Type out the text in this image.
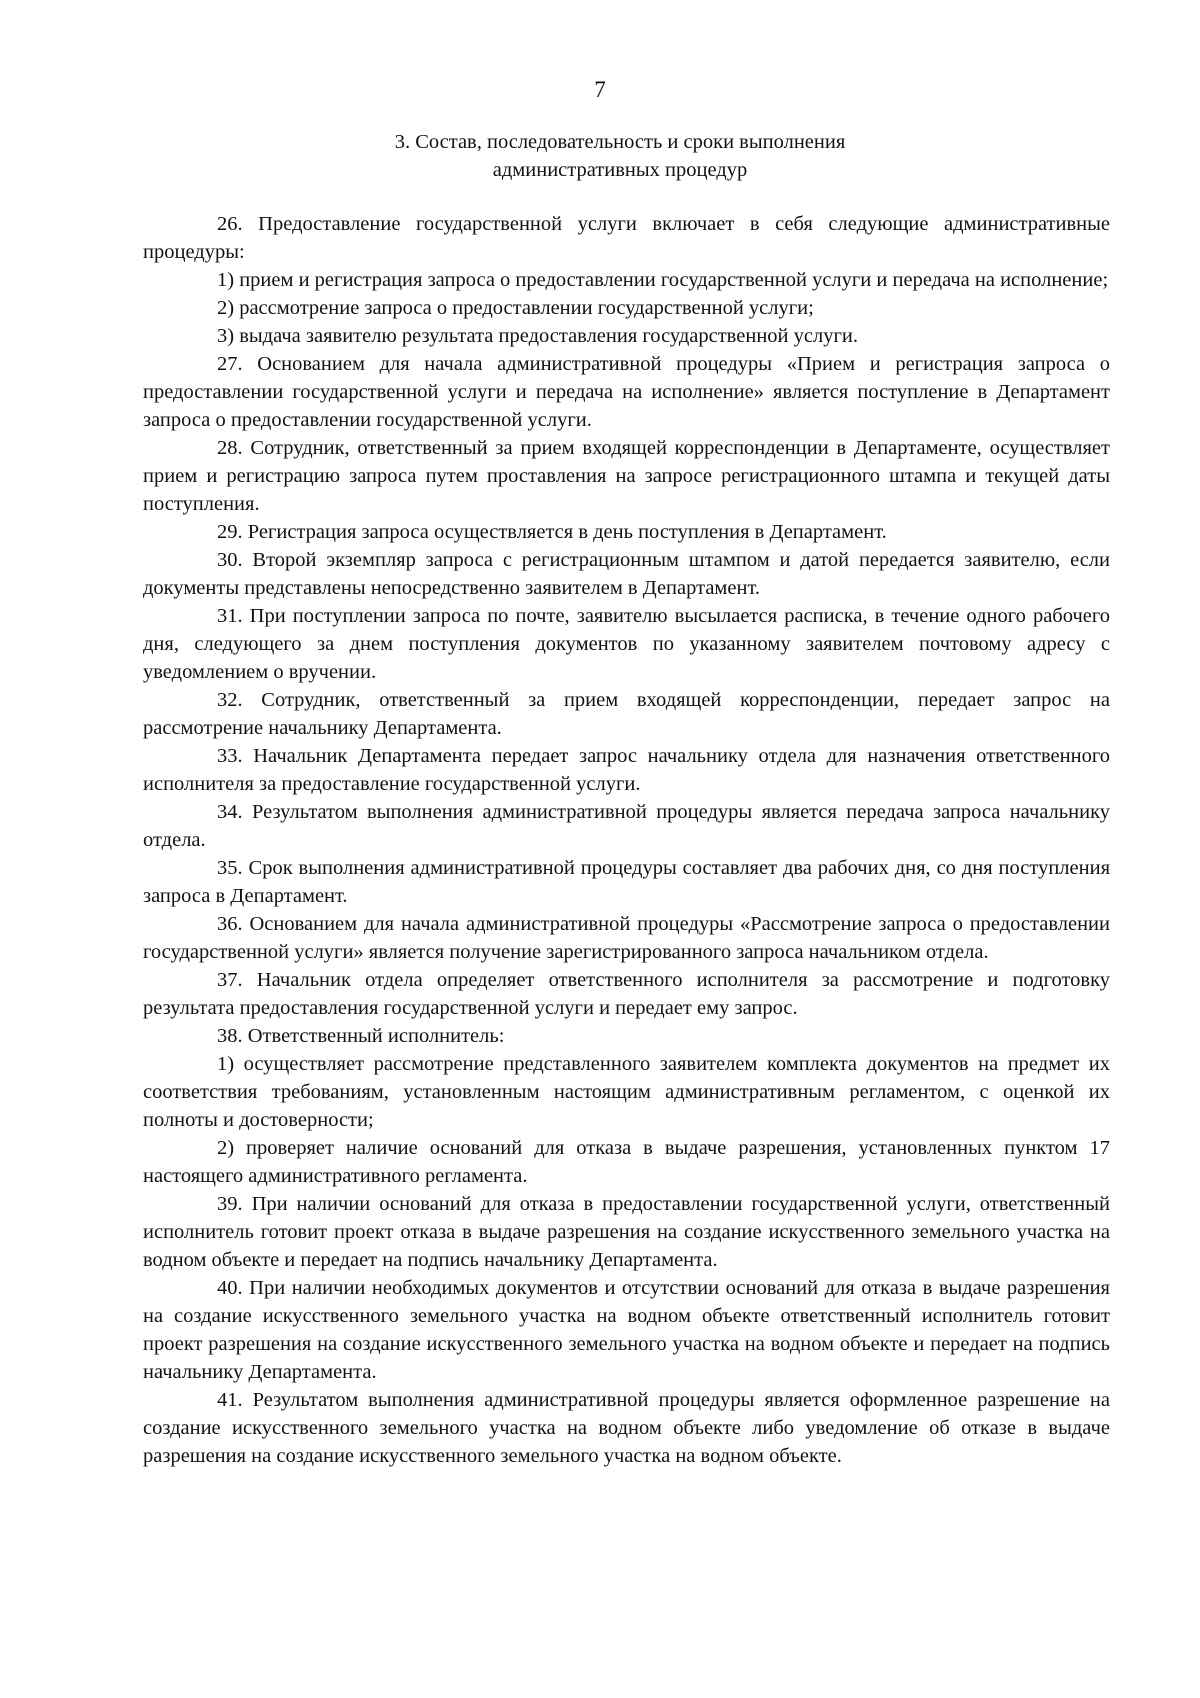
7
3. Состав, последовательность и сроки выполнения
административных процедур

26. Предоставление государственной услуги включает в себя следующие административные процедуры:

1) прием и регистрация запроса о предоставлении государственной услуги и передача на исполнение;

2) рассмотрение запроса о предоставлении государственной услуги;

3) выдача заявителю результата предоставления государственной услуги.

27. Основанием для начала административной процедуры «Прием и регистрация запроса о предоставлении государственной услуги и передача на исполнение» является поступление в Департамент запроса о предоставлении государственной услуги.

28. Сотрудник, ответственный за прием входящей корреспонденции в Департаменте, осуществляет прием и регистрацию запроса путем проставления на запросе регистрационного штампа и текущей даты поступления.

29. Регистрация запроса осуществляется в день поступления в Департамент.

30. Второй экземпляр запроса с регистрационным штампом и датой передается заявителю, если документы представлены непосредственно заявителем в Департамент.

31. При поступлении запроса по почте, заявителю высылается расписка, в течение одного рабочего дня, следующего за днем поступления документов по указанному заявителем почтовому адресу с уведомлением о вручении.

32. Сотрудник, ответственный за прием входящей корреспонденции, передает запрос на рассмотрение начальнику Департамента.

33. Начальник Департамента передает запрос начальнику отдела для назначения ответственного исполнителя за предоставление государственной услуги.

34. Результатом выполнения административной процедуры является передача запроса начальнику отдела.

35. Срок выполнения административной процедуры составляет два рабочих дня, со дня поступления запроса в Департамент.

36. Основанием для начала административной процедуры «Рассмотрение запроса о предоставлении государственной услуги» является получение зарегистрированного запроса начальником отдела.

37. Начальник отдела определяет ответственного исполнителя за рассмотрение и подготовку результата предоставления государственной услуги и передает ему запрос.

38. Ответственный исполнитель:

1) осуществляет рассмотрение представленного заявителем комплекта документов на предмет их соответствия требованиям, установленным настоящим административным регламентом, с оценкой их полноты и достоверности;

2) проверяет наличие оснований для отказа в выдаче разрешения, установленных пунктом 17 настоящего административного регламента.

39. При наличии оснований для отказа в предоставлении государственной услуги, ответственный исполнитель готовит проект отказа в выдаче разрешения на создание искусственного земельного участка на водном объекте и передает на подпись начальнику Департамента.

40. При наличии необходимых документов и отсутствии оснований для отказа в выдаче разрешения на создание искусственного земельного участка на водном объекте ответственный исполнитель готовит проект разрешения на создание искусственного земельного участка на водном объекте и передает на подпись начальнику Департамента.

41. Результатом выполнения административной процедуры является оформленное разрешение на создание искусственного земельного участка на водном объекте либо уведомление об отказе в выдаче разрешения на создание искусственного земельного участка на водном объекте.
